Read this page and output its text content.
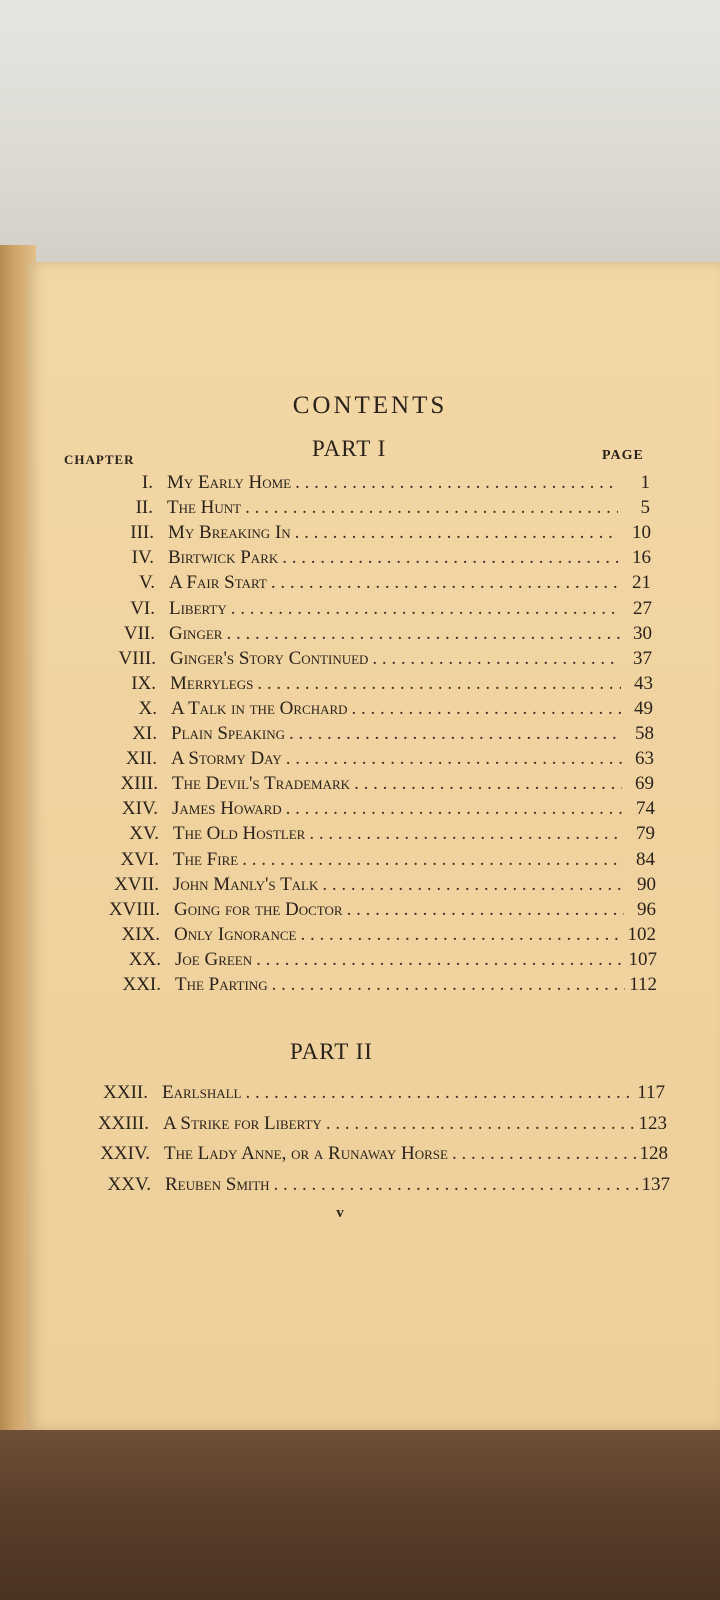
CONTENTS
CHAPTER	PAGE
PART I
PART II
I. My Early Home . . .	1
II. The Hunt . . .	5
III. My Breaking In . . .	10
IV. Birtwick Park . . .	16
V. A Fair Start . . .	21
VI. Liberty . . .	27
VII. Ginger . . .	30
VIII. Ginger's Story Continued . . .	37
IX. Merrylegs . . .	43
X. A Talk in the Orchard . . .	49
XI. Plain Speaking . . .	58
XII. A Stormy Day . . .	63
XIII. The Devil's Trademark . . .	69
XIV. James Howard . . .	74
XV. The Old Hostler . . .	79
XVI. The Fire . . .	84
XVII. John Manly's Talk . . .	90
XVIII. Going for the Doctor . . .	96
XIX. Only Ignorance . . .	102
XX. Joe Green . . .	107
XXI. The Parting . . .	112
XXII. Earlshall . . .	117
XXIII. A Strike for Liberty . . .	123
XXIV. The Lady Anne, or a Runaway Horse . . .	128
XXV. Reuben Smith . . .	137
v
